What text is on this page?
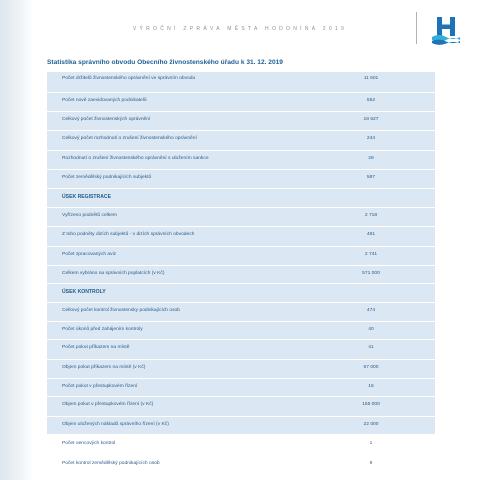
VÝROČNÍ ZPRÁVA MĚSTA HODONÍNA 2019
Statistika správního obvodu Obecního živnostenského úřadu k 31. 12. 2019
Počet držitelů živnostenského oprávnění ve správním obvodu	11 601
Počet nově zaevidovaných podnikatelů	552
Celkový počet živnostenských oprávnění	18 627
Celkový počet rozhodnutí o zrušení živnostenského oprávnění	244
Rozhodnutí o zrušení živnostenského oprávnění s uložením sankce	28
Počet zemědělský podnikajících subjektů	587
ÚSEK REGISTRACE
Vyřízeno podnětů celkem	2 718
Z toho podněty dizích subjektů - v dizích správních obvodech	481
Počet zpracovaných aviz	2 741
Celkem vybráno na správních poplatcích (v Kč)	571 000
ÚSEK KONTROLY
Celkový počet kontrol živnostensky podnikajících osob	474
Počet úkonů před zahájením kontroly	40
Počet pokut příkazem na místě	41
Objem pokut příkazem na místě (v Kč)	67 000
Počet pokut v přestupkovém řízení	16
Objem pokut v přestupkovém řízení (v Kč)	155 000
Objem uložených nákladů správního řízení (v Kč)	22 000
Počet oencových kontrol	1
Počet kontrol zemědělský podnikajících osob	9
